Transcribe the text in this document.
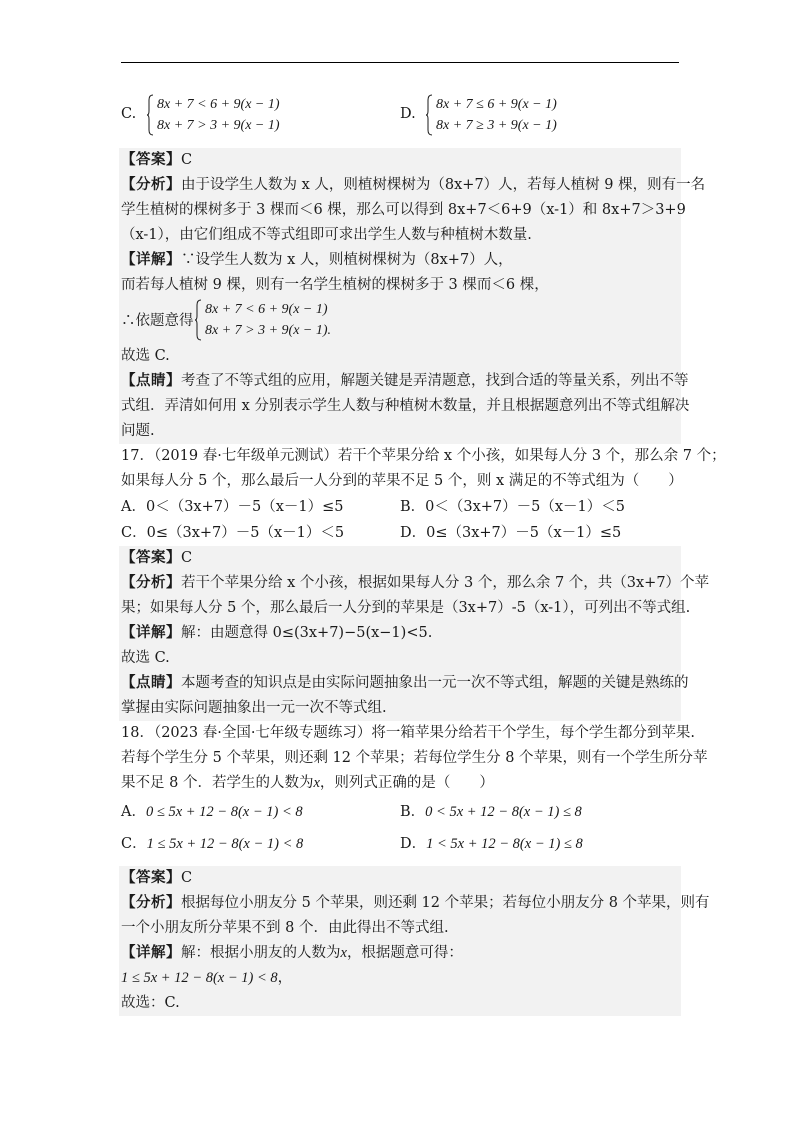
C.
8x + 7 < 6 + 9(x − 1)
8x + 7 > 3 + 9(x − 1)
D.
8x + 7 ≤ 6 + 9(x − 1)
8x + 7 ≥ 3 + 9(x − 1)
【答案】C
【分析】由于设学生人数为 x 人，则植树棵树为（8x+7）人，若每人植树 9 棵，则有一名
学生植树的棵树多于 3 棵而＜6 棵，那么可以得到 8x+7＜6+9（x-1）和 8x+7＞3+9
（x-1），由它们组成不等式组即可求出学生人数与种植树木数量.
【详解】∵设学生人数为 x 人，则植树棵树为（8x+7）人，
而若每人植树 9 棵，则有一名学生植树的棵树多于 3 棵而＜6 棵，
∴依题意得
8x + 7 < 6 + 9(x − 1)
8x + 7 > 3 + 9(x − 1).
故选 C.
【点睛】考查了不等式组的应用，解题关键是弄清题意，找到合适的等量关系，列出不等
式组．弄清如何用 x 分别表示学生人数与种植树木数量，并且根据题意列出不等式组解决
问题.
17．（2019 春·七年级单元测试）若干个苹果分给 x 个小孩，如果每人分 3 个，那么余 7 个；
如果每人分 5 个，那么最后一人分到的苹果不足 5 个，则 x 满足的不等式组为（　　）
A．0＜（3x+7）－5（x－1）≤5	B．0＜（3x+7）－5（x－1）＜5
C．0≤（3x+7）－5（x－1）＜5	D．0≤（3x+7）－5（x－1）≤5
【答案】C
【分析】若干个苹果分给 x 个小孩，根据如果每人分 3 个，那么余 7 个，共（3x+7）个苹
果；如果每人分 5 个，那么最后一人分到的苹果是（3x+7）-5（x-1），可列出不等式组.
【详解】解：由题意得 0≤(3x+7)−5(x−1)<5.
故选 C.
【点睛】本题考查的知识点是由实际问题抽象出一元一次不等式组，解题的关键是熟练的
掌握由实际问题抽象出一元一次不等式组.
18．（2023 春·全国·七年级专题练习）将一箱苹果分给若干个学生，每个学生都分到苹果.
若每个学生分 5 个苹果，则还剩 12 个苹果；若每位学生分 8 个苹果，则有一个学生所分苹
果不足 8 个．若学生的人数为x，则列式正确的是（　　）
A．0 ≤ 5x + 12 − 8(x − 1) < 8	B．0 < 5x + 12 − 8(x − 1) ≤ 8
C．1 ≤ 5x + 12 − 8(x − 1) < 8	D．1 < 5x + 12 − 8(x − 1) ≤ 8
【答案】C
【分析】根据每位小朋友分 5 个苹果，则还剩 12 个苹果；若每位小朋友分 8 个苹果，则有
一个小朋友所分苹果不到 8 个．由此得出不等式组.
【详解】解：根据小朋友的人数为x，根据题意可得：
1 ≤ 5x + 12 − 8(x − 1) < 8，
故选：C.
